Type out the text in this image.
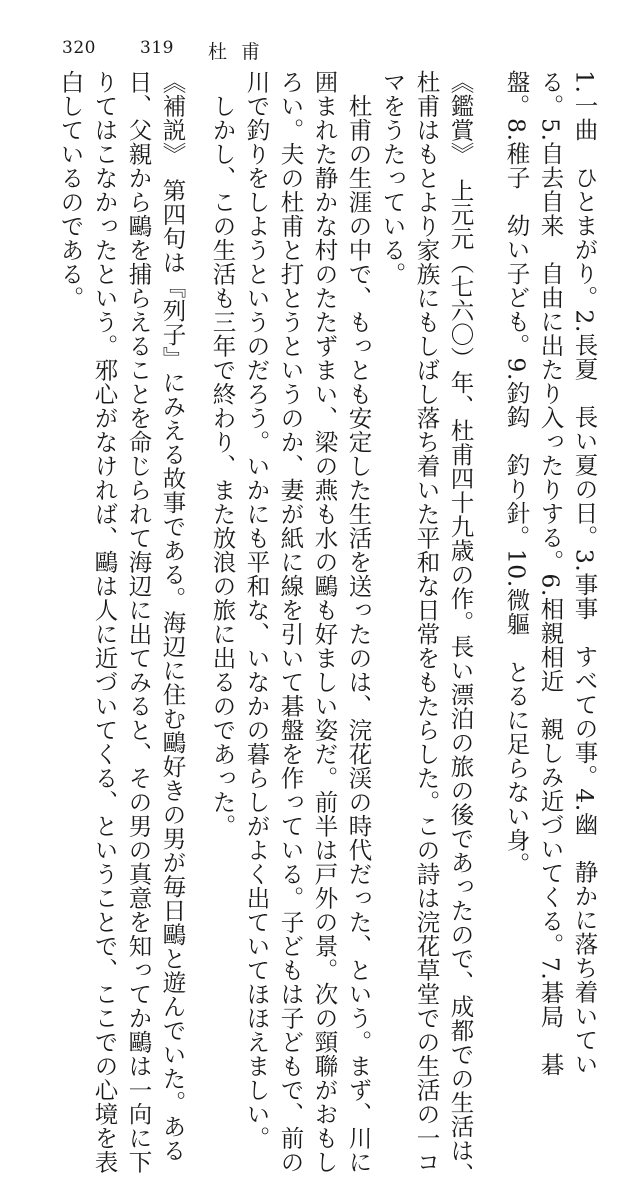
320	319 杜甫
1.一曲　ひとまがり。2.長夏　長い夏の日。3.事事　すべての事。4.幽　静かに落ち着いてい
る。5.自去自来　自由に出たり入ったりする。6.相親相近　親しみ近づいてくる。7.碁局　碁
盤。8.稚子　幼い子ども。9.釣鈎　釣り針。10.微軀　とるに足らない身。
《鑑賞》　上元元（七六〇）年、杜甫四十九歳の作。長い漂泊の旅の後であったので、成都での生活は、
杜甫はもとより家族にもしばし落ち着いた平和な日常をもたらした。この詩は浣花草堂での生活の一コ
マをうたっている。
　杜甫の生涯の中で、もっとも安定した生活を送ったのは、浣花渓の時代だった、という。まず、川に
囲まれた静かな村のたたずまい、梁の燕も水の鷗も好ましい姿だ。前半は戸外の景。次の頸聯がおもし
ろい。夫の杜甫と打とうというのか、妻が紙に線を引いて碁盤を作っている。子どもは子どもで、前の
川で釣りをしようというのだろう。いかにも平和な、いなかの暮らしがよく出ていてほほえましい。
　しかし、この生活も三年で終わり、また放浪の旅に出るのであった。
《補説》　第四句は『列子』にみえる故事である。海辺に住む鷗好きの男が毎日鷗と遊んでいた。ある
日、父親から鷗を捕らえることを命じられて海辺に出てみると、その男の真意を知ってか鷗は一向に下
りてはこなかったという。邪心がなければ、鷗は人に近づいてくる、ということで、ここでの心境を表
白しているのである。
